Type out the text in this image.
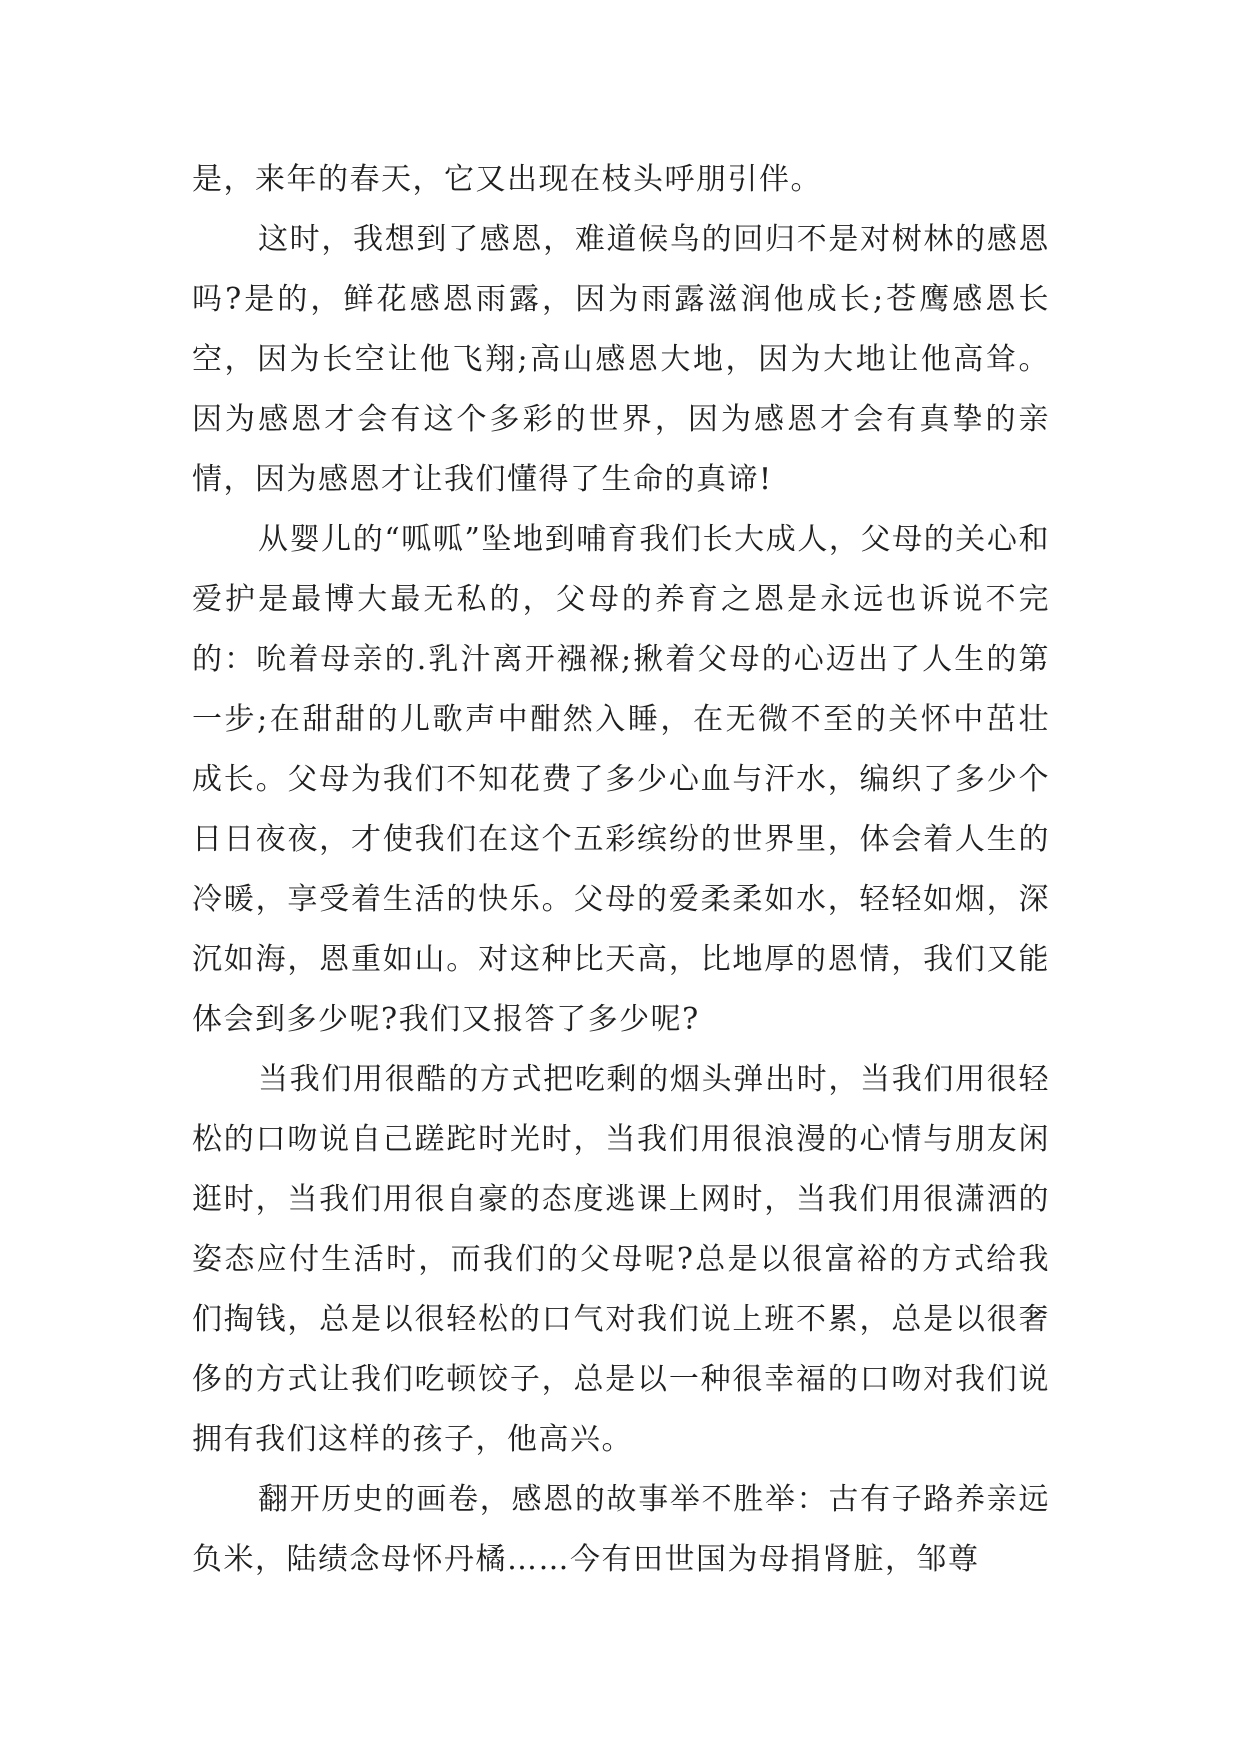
是，来年的春天，它又出现在枝头呼朋引伴。

这时，我想到了感恩，难道候鸟的回归不是对树林的感恩吗?是的，鲜花感恩雨露，因为雨露滋润他成长;苍鹰感恩长空，因为长空让他飞翔;高山感恩大地，因为大地让他高耸。因为感恩才会有这个多彩的世界，因为感恩才会有真挚的亲情，因为感恩才让我们懂得了生命的真谛!

从婴儿的“呱呱”坠地到哺育我们长大成人，父母的关心和爱护是最博大最无私的，父母的养育之恩是永远也诉说不完的：吮着母亲的.乳汁离开襁褓;揪着父母的心迈出了人生的第一步;在甜甜的儿歌声中酣然入睡，在无微不至的关怀中茁壮成长。父母为我们不知花费了多少心血与汗水，编织了多少个日日夜夜，才使我们在这个五彩缤纷的世界里，体会着人生的冷暖，享受着生活的快乐。父母的爱柔柔如水，轻轻如烟，深沉如海，恩重如山。对这种比天高，比地厚的恩情，我们又能体会到多少呢?我们又报答了多少呢?

当我们用很酷的方式把吃剩的烟头弹出时，当我们用很轻松的口吻说自己蹉跎时光时，当我们用很浪漫的心情与朋友闲逛时，当我们用很自豪的态度逃课上网时，当我们用很潇洒的姿态应付生活时，而我们的父母呢?总是以很富裕的方式给我们掏钱，总是以很轻松的口气对我们说上班不累，总是以很奢侈的方式让我们吃顿饺子，总是以一种很幸福的口吻对我们说拥有我们这样的孩子，他高兴。

翻开历史的画卷，感恩的故事举不胜举：古有子路养亲远负米，陆绩念母怀丹橘……今有田世国为母捐肾脏，邹尊
